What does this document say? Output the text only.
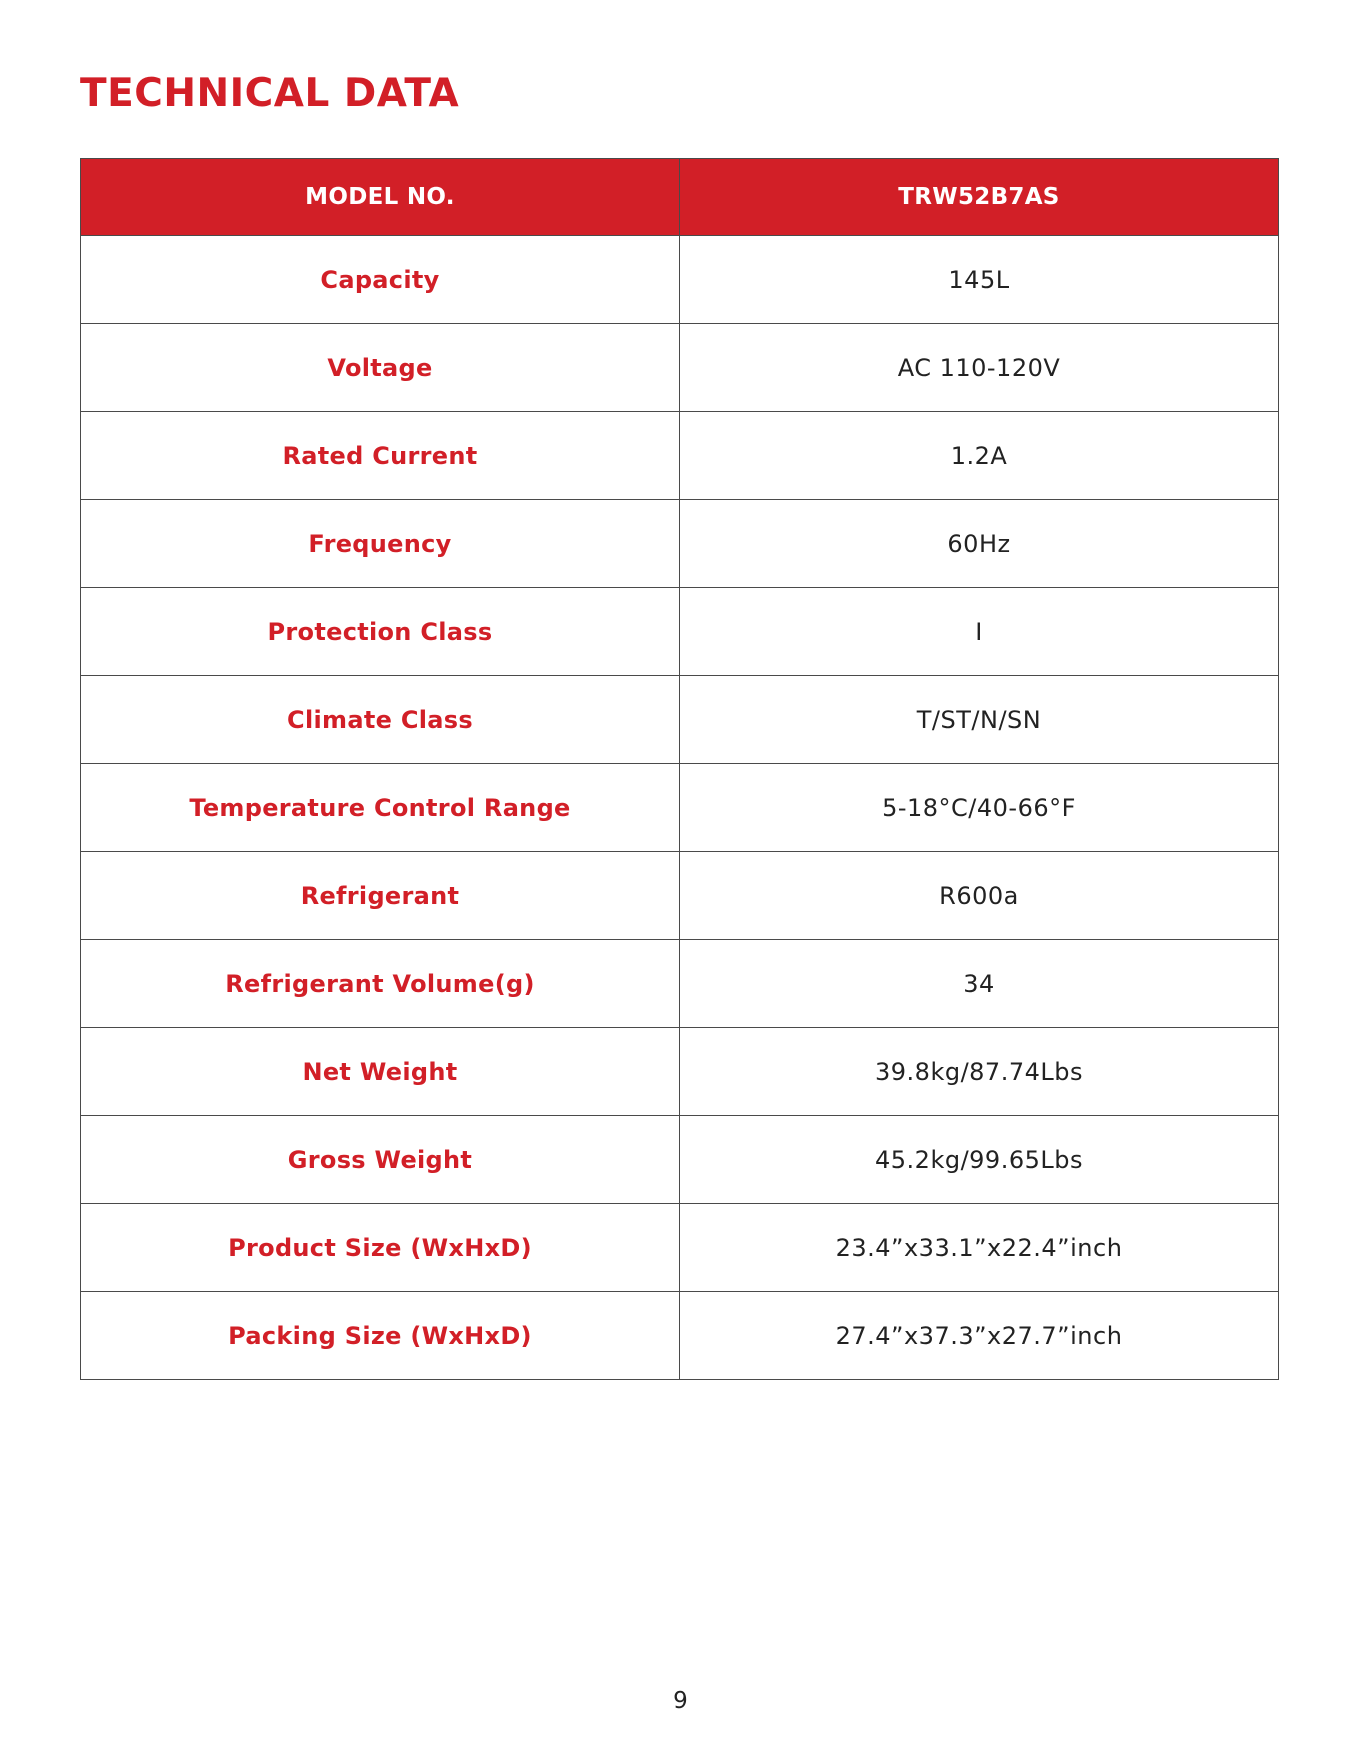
TECHNICAL DATA
MODEL NO.	TRW52B7AS
Capacity	145L
Voltage	AC 110-120V
Rated Current	1.2A
Frequency	60Hz
Protection Class	I
Climate Class	T/ST/N/SN
Temperature Control Range	5-18°C/40-66°F
Refrigerant	R600a
Refrigerant Volume(g)	34
Net Weight	39.8kg/87.74Lbs
Gross Weight	45.2kg/99.65Lbs
Product Size (WxHxD)	23.4”x33.1”x22.4”inch
Packing Size (WxHxD)	27.4”x37.3”x27.7”inch
9
